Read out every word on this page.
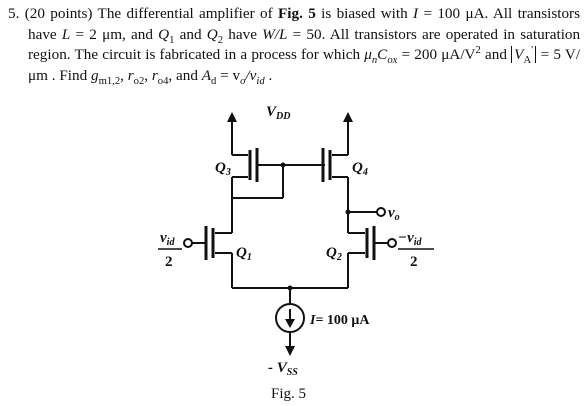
5. (20 points) The differential amplifier of Fig. 5 is biased with I = 100 μA. All transistors have L = 2 μm, and $Q_1$ and $Q_2$ have W/L = 50. All transistors are operated in saturation region. The circuit is fabricated in a process for which $\mu_nC_{ox} = 200$ $\mu A/V^2$ and $V_A' = 5$ V/μm . Find $g_{m1,2}$, $r_{o2}$, $r_{o4}$, and $A_d = v_o/v_{id}$ .

$V_{DD}$
$Q_3$	$Q_4$
$v_o$
$Q_1$
$v_{id}$
2
$Q_2$
$-v_{id}$
2
I= 100 μA
- $V_{SS}$
Fig. 5
